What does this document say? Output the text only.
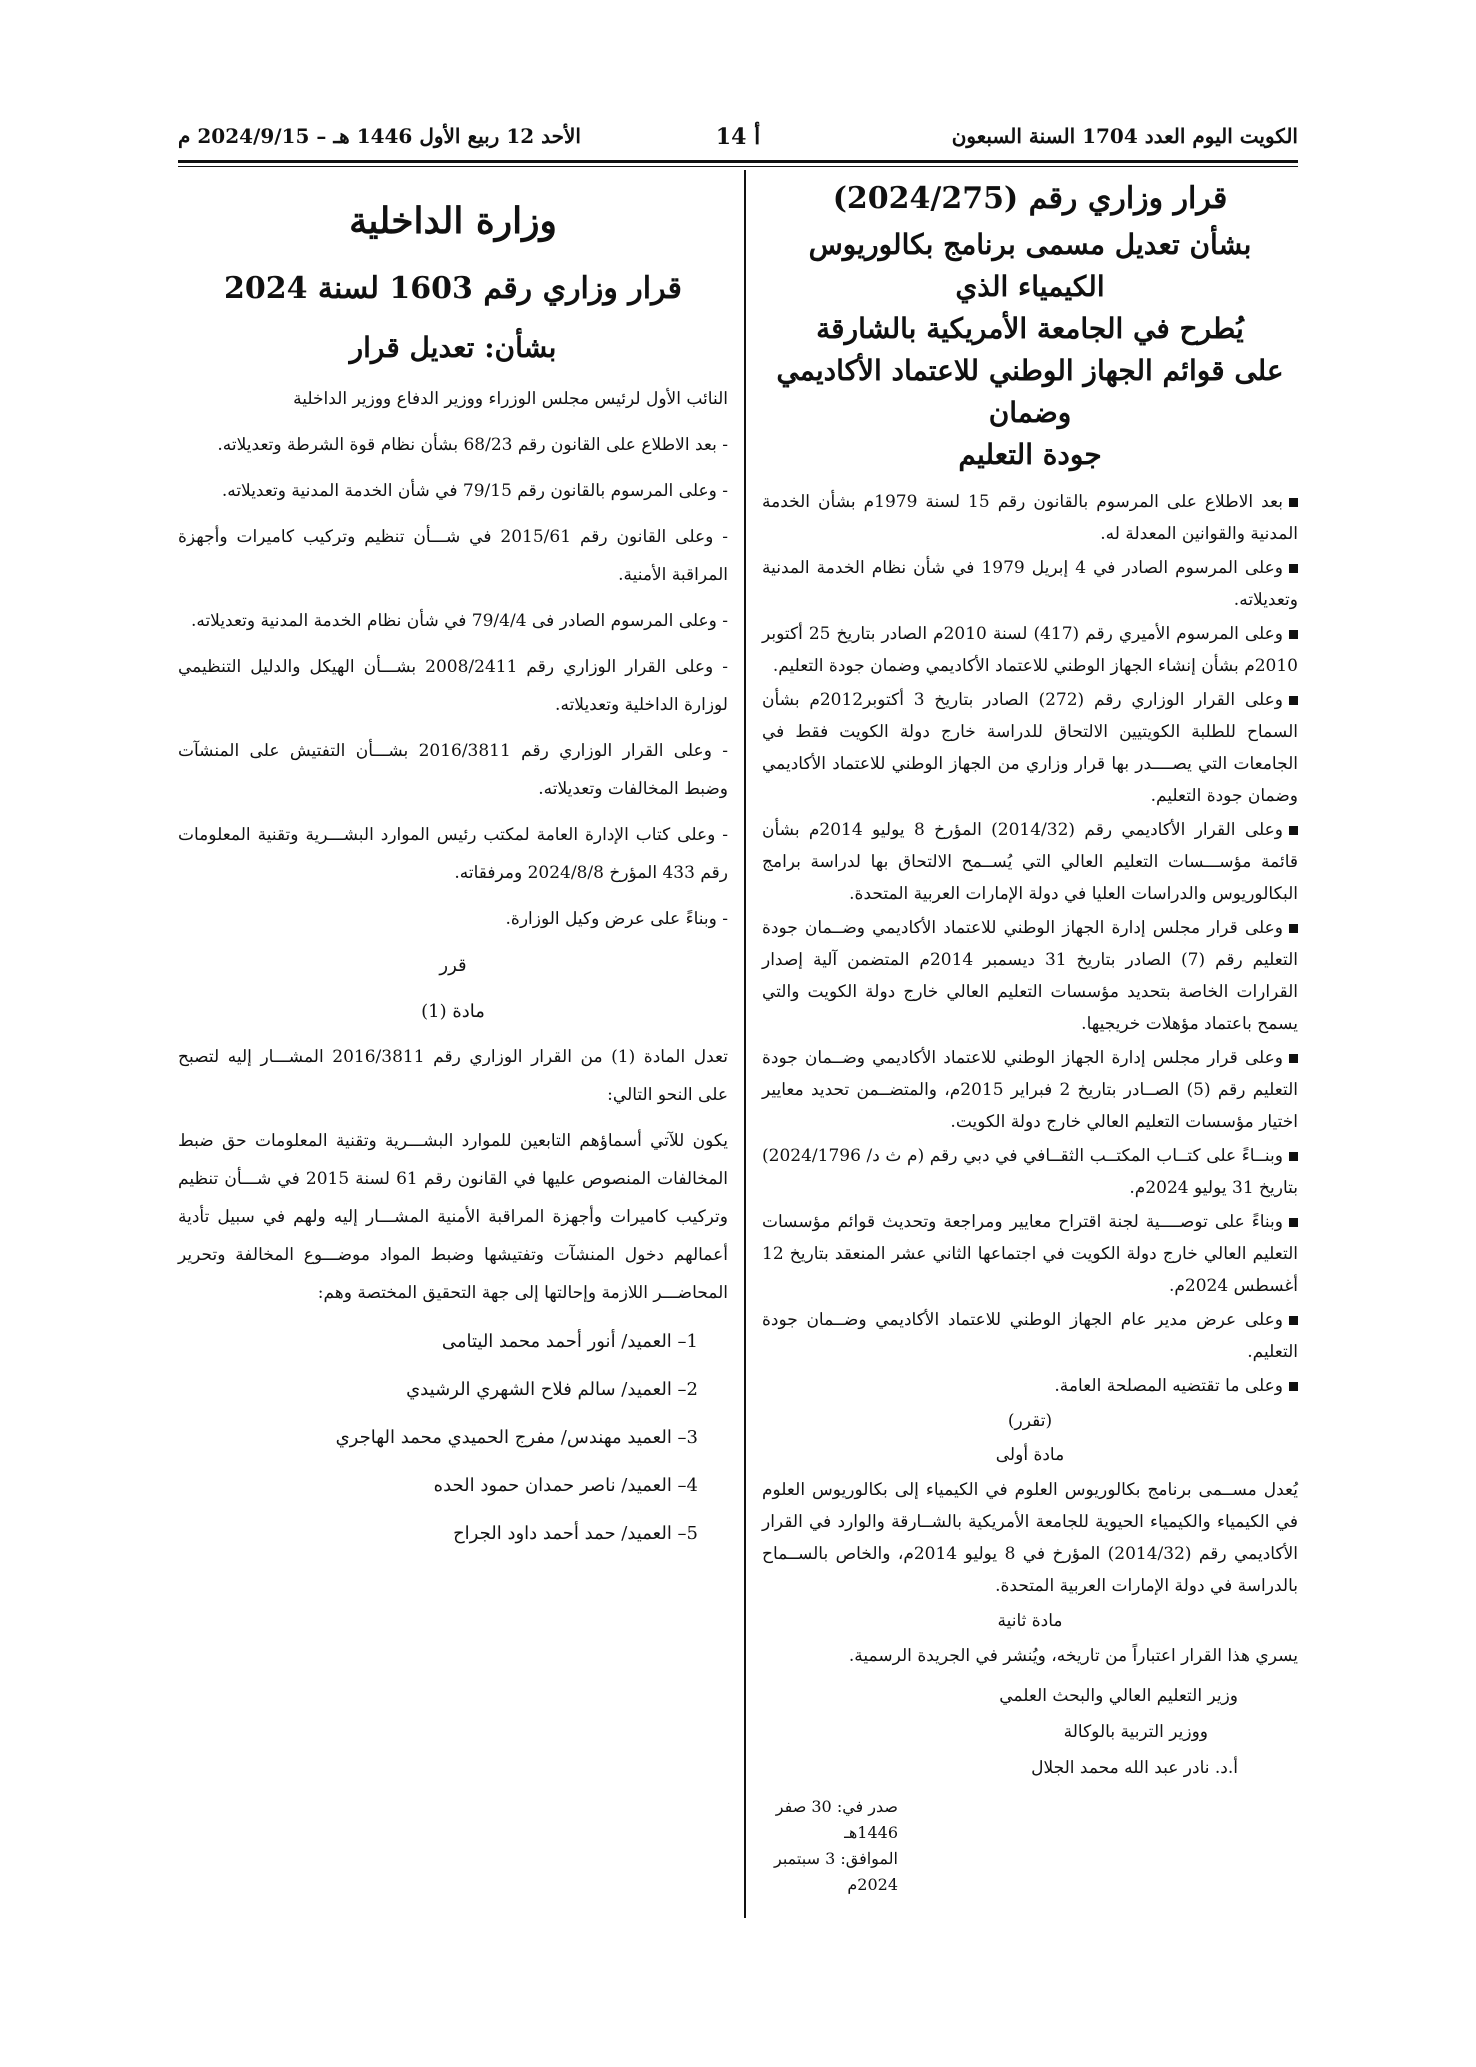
الكويت اليوم العدد 1704 السنة السبعون
أ 14
الأحد 12 ربيع الأول 1446 هـ – 2024/9/15 م
قرار وزاري رقم (2024/275)
بشأن تعديل مسمى برنامج بكالوريوس الكيمياء الذي
يُطرح في الجامعة الأمريكية بالشارقة
على قوائم الجهاز الوطني للاعتماد الأكاديمي وضمان
جودة التعليم
بعد الاطلاع على المرسوم بالقانون رقم 15 لسنة 1979م بشأن الخدمة المدنية والقوانين المعدلة له.
وعلى المرسوم الصادر في 4 إبريل 1979 في شأن نظام الخدمة المدنية وتعديلاته.
وعلى المرسوم الأميري رقم (417) لسنة 2010م الصادر بتاريخ 25 أكتوبر 2010م بشأن إنشاء الجهاز الوطني للاعتماد الأكاديمي وضمان جودة التعليم.
وعلى القرار الوزاري رقم (272) الصادر بتاريخ 3 أكتوبر2012م بشأن السماح للطلبة الكويتيين الالتحاق للدراسة خارج دولة الكويت فقط في الجامعات التي يصــــدر بها قرار وزاري من الجهاز الوطني للاعتماد الأكاديمي وضمان جودة التعليم.
وعلى القرار الأكاديمي رقم (2014/32) المؤرخ 8 يوليو 2014م بشأن قائمة مؤســـسات التعليم العالي التي يُســمح الالتحاق بها لدراسة برامج البكالوريوس والدراسات العليا في دولة الإمارات العربية المتحدة.
وعلى قرار مجلس إدارة الجهاز الوطني للاعتماد الأكاديمي وضــمان جودة التعليم رقم (7) الصادر بتاريخ 31 ديسمبر 2014م المتضمن آلية إصدار القرارات الخاصة بتحديد مؤسسات التعليم العالي خارج دولة الكويت والتي يسمح باعتماد مؤهلات خريجيها.
وعلى قرار مجلس إدارة الجهاز الوطني للاعتماد الأكاديمي وضــمان جودة التعليم رقم (5) الصــادر بتاريخ 2 فبراير 2015م، والمتضــمن تحديد معايير اختيار مؤسسات التعليم العالي خارج دولة الكويت.
وبنــاءً على كتــاب المكتــب الثقــافي في دبي رقم (م ث د/ 2024/1796) بتاريخ 31 يوليو 2024م.
وبناءً على توصــــية لجنة اقتراح معايير ومراجعة وتحديث قوائم مؤسسات التعليم العالي خارج دولة الكويت في اجتماعها الثاني عشر المنعقد بتاريخ 12 أغسطس 2024م.
وعلى عرض مدير عام الجهاز الوطني للاعتماد الأكاديمي وضــمان جودة التعليم.
وعلى ما تقتضيه المصلحة العامة.

(تقرر)

مادة أولى

يُعدل مســمى برنامج بكالوريوس العلوم في الكيمياء إلى بكالوريوس العلوم في الكيمياء والكيمياء الحيوية للجامعة الأمريكية بالشــارقة والوارد في القرار الأكاديمي رقم (2014/32) المؤرخ في 8 يوليو 2014م، والخاص بالســماح بالدراسة في دولة الإمارات العربية المتحدة.

مادة ثانية

يسري هذا القرار اعتباراً من تاريخه، ويُنشر في الجريدة الرسمية.

وزير التعليم العالي والبحث العلمي
ووزير التربية بالوكالة
أ.د. نادر عبد الله محمد الجلال
صدر في: 30 صفر 1446هـ
الموافق: 3 سبتمبر 2024م
وزارة الداخلية
قرار وزاري رقم 1603 لسنة 2024
بشأن: تعديل قرار
النائب الأول لرئيس مجلس الوزراء ووزير الدفاع ووزير الداخلية
- بعد الاطلاع على القانون رقم 68/23 بشأن نظام قوة الشرطة وتعديلاته.
- وعلى المرسوم بالقانون رقم 79/15 في شأن الخدمة المدنية وتعديلاته.
- وعلى القانون رقم 2015/61 في شـــأن تنظيم وتركيب كاميرات وأجهزة المراقبة الأمنية.
- وعلى المرسوم الصادر فى 79/4/4 في شأن نظام الخدمة المدنية وتعديلاته.
- وعلى القرار الوزاري رقم 2008/2411 بشـــأن الهيكل والدليل التنظيمي لوزارة الداخلية وتعديلاته.
- وعلى القرار الوزاري رقم 2016/3811 بشـــأن التفتيش على المنشآت وضبط المخالفات وتعديلاته.
- وعلى كتاب الإدارة العامة لمكتب رئيس الموارد البشـــرية وتقنية المعلومات رقم 433 المؤرخ 2024/8/8 ومرفقاته.
- وبناءً على عرض وكيل الوزارة.

قرر

مادة (1)

تعدل المادة (1) من القرار الوزاري رقم 2016/3811 المشـــار إليه لتصبح على النحو التالي:

يكون للآتي أسماؤهم التابعين للموارد البشـــرية وتقنية المعلومات حق ضبط المخالفات المنصوص عليها في القانون رقم 61 لسنة 2015 في شـــأن تنظيم وتركيب كاميرات وأجهزة المراقبة الأمنية المشـــار إليه ولهم في سبيل تأدية أعمالهم دخول المنشآت وتفتيشها وضبط المواد موضـــوع المخالفة وتحرير المحاضـــر اللازمة وإحالتها إلى جهة التحقيق المختصة وهم:

1– العميد/ أنور أحمد محمد اليتامى
2– العميد/ سالم فلاح الشهري الرشيدي
3– العميد مهندس/ مفرج الحميدي محمد الهاجري
4– العميد/ ناصر حمدان حمود الحده
5– العميد/ حمد أحمد داود الجراح
